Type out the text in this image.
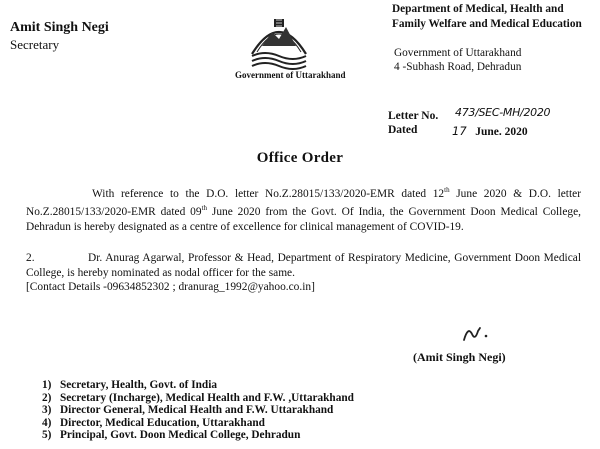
Amit Singh Negi
Secretary
Government of Uttarakhand
Department of Medical, Health and Family Welfare and Medical Education
Government of Uttarakhand
4 -Subhash Road, Dehradun
Letter No. 473/SEC-MH/2020
Dated	17 June. 2020
Office Order
With reference to the D.O. letter No.Z.28015/133/2020-EMR dated 12th June 2020 & D.O. letter No.Z.28015/133/2020-EMR dated 09th June 2020 from the Govt. Of India, the Government Doon Medical College, Dehradun is hereby designated as a centre of excellence for clinical management of COVID-19.
2.	Dr. Anurag Agarwal, Professor & Head, Department of Respiratory Medicine, Government Doon Medical College, is hereby nominated as nodal officer for the same.
[Contact Details -09634852302 ; dranurag_1992@yahoo.co.in]
(Amit Singh Negi)
1) Secretary, Health, Govt. of India
2) Secretary (Incharge), Medical Health and F.W. ,Uttarakhand
3) Director General, Medical Health and F.W. Uttarakhand
4) Director, Medical Education, Uttarakhand
5) Principal, Govt. Doon Medical College, Dehradun
